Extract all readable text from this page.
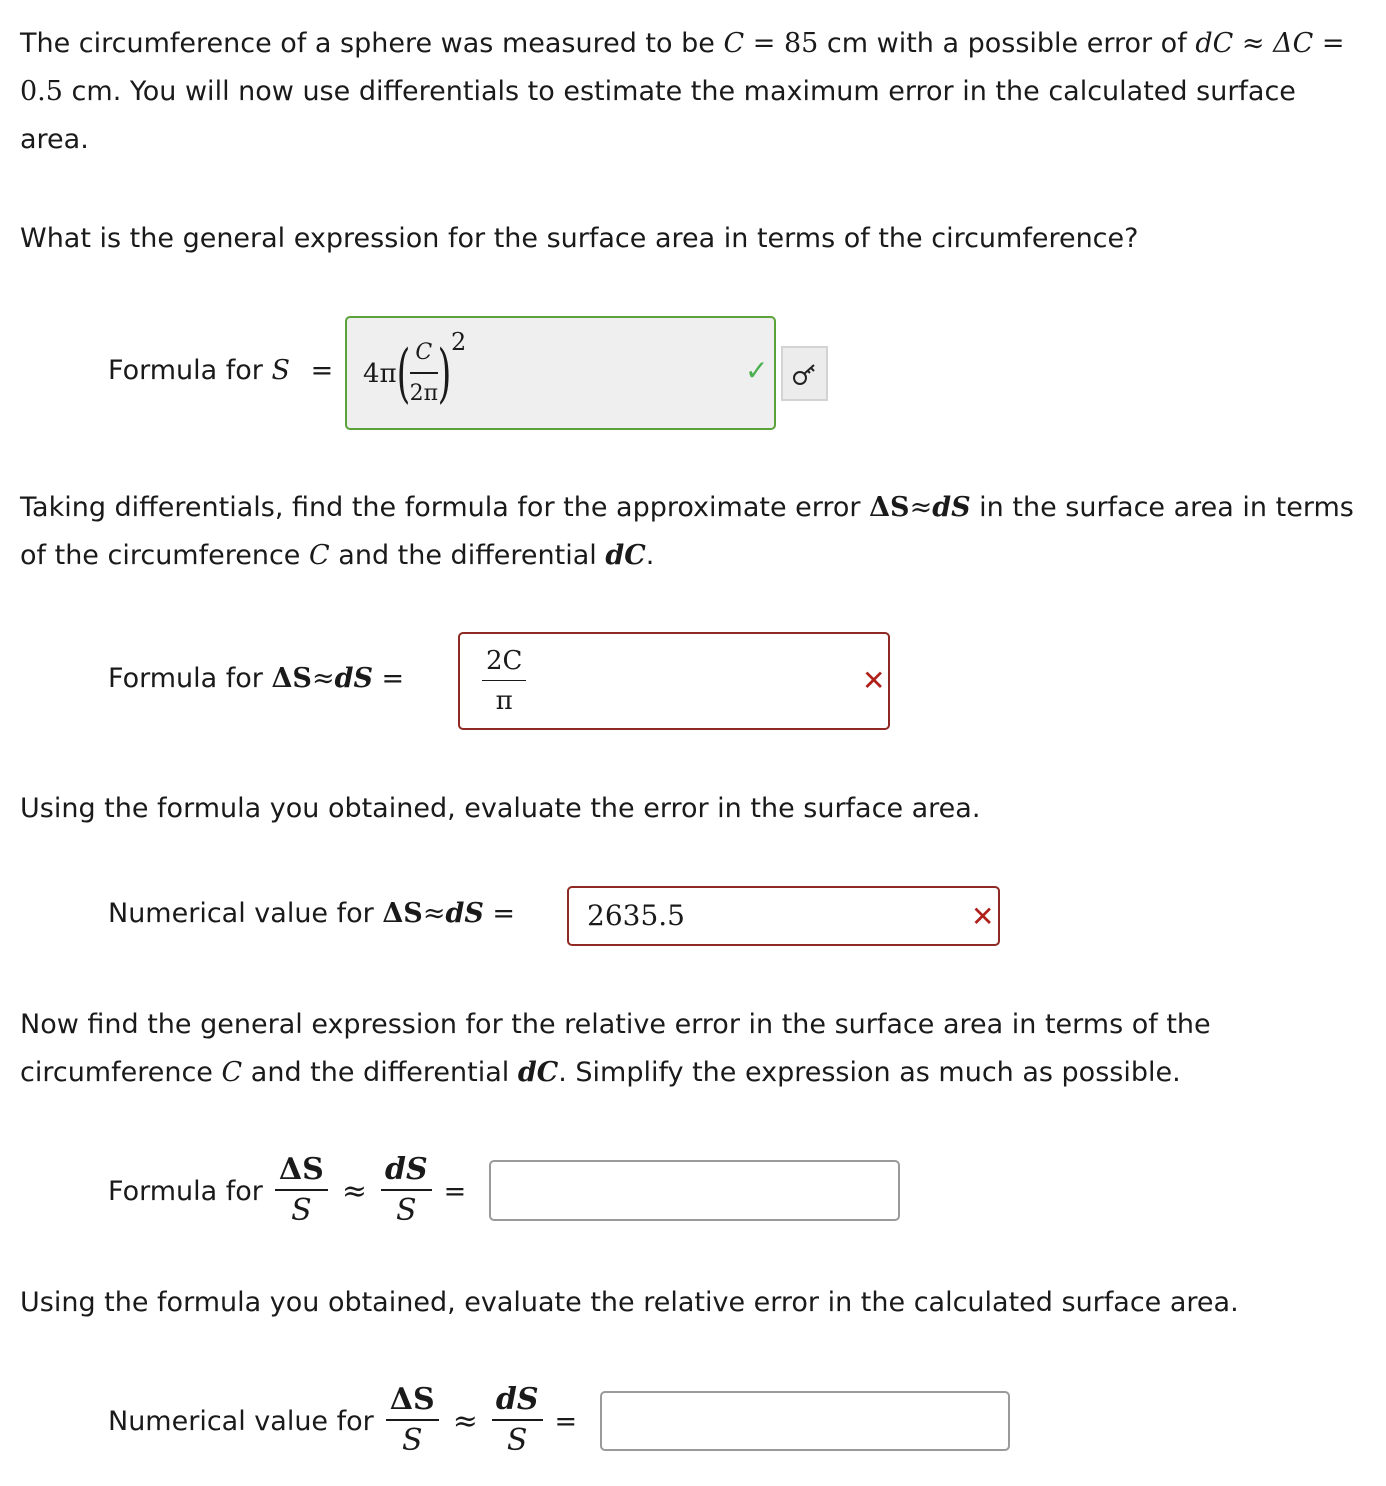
The circumference of a sphere was measured to be C = 85 cm with a possible error of dC ≈ ΔC = 0.5 cm. You will now use differentials to estimate the maximum error in the calculated surface area.

What is the general expression for the surface area in terms of the circumference?

Formula for S = 4π ( $\frac{C}{2\pi}$ ) 2
✓

Taking differentials, find the formula for the approximate error ΔS≈dS in the surface area in terms of the circumference C and the differential dC.

Formula for ΔS≈dS =	$\frac{2C}{\pi}$	✕

Using the formula you obtained, evaluate the error in the surface area.

Numerical value for ΔS≈dS =	2635.5	✕

Now find the general expression for the relative error in the surface area in terms of the circumference C and the differential dC. Simplify the expression as much as possible.

Formula for $\frac{\Delta S}{S} \approx \frac{dS}{S}$ =

Using the formula you obtained, evaluate the relative error in the calculated surface area.

Numerical value for $\frac{\Delta S}{S} \approx \frac{dS}{S}$ =
